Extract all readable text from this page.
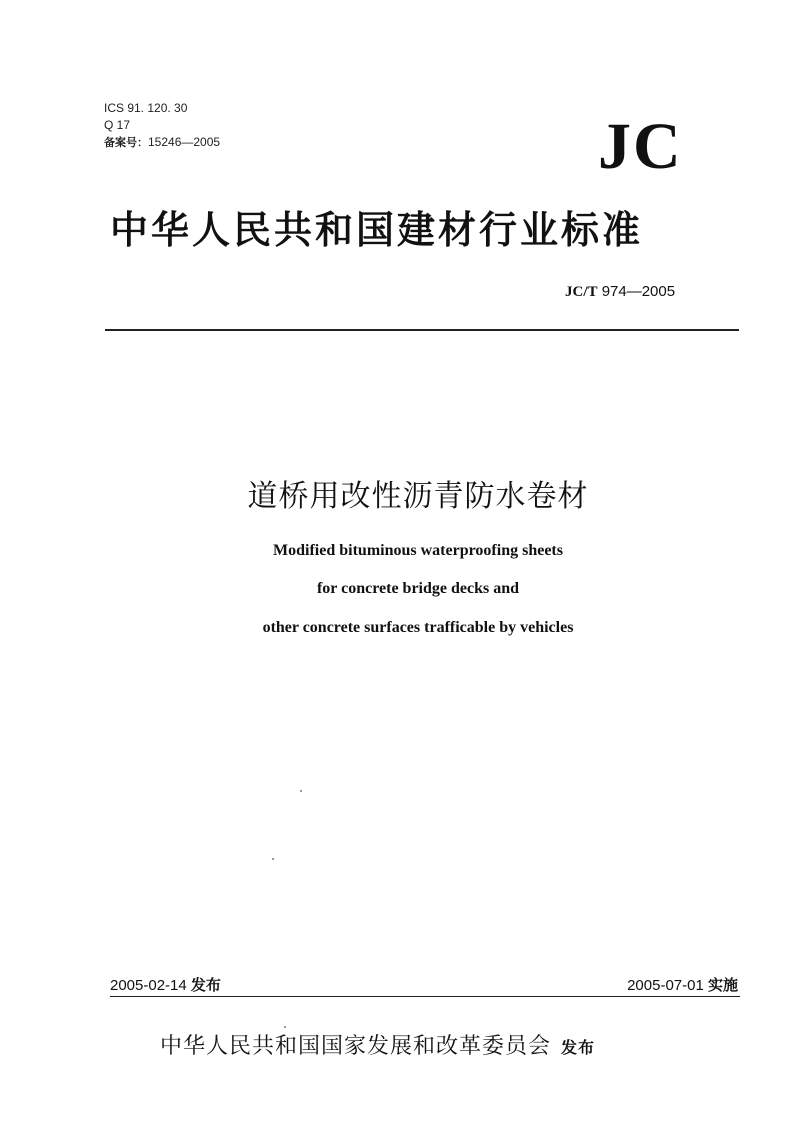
ICS 91. 120. 30
Q 17
备案号：15246—2005	JC
中华人民共和国建材行业标准
JC/T 974—2005
道桥用改性沥青防水卷材
Modified bituminous waterproofing sheets
for concrete bridge decks and
other concrete surfaces trafficable by vehicles
2005-02-14 发布	2005-07-01 实施
中华人民共和国国家发展和改革委员会 发布
